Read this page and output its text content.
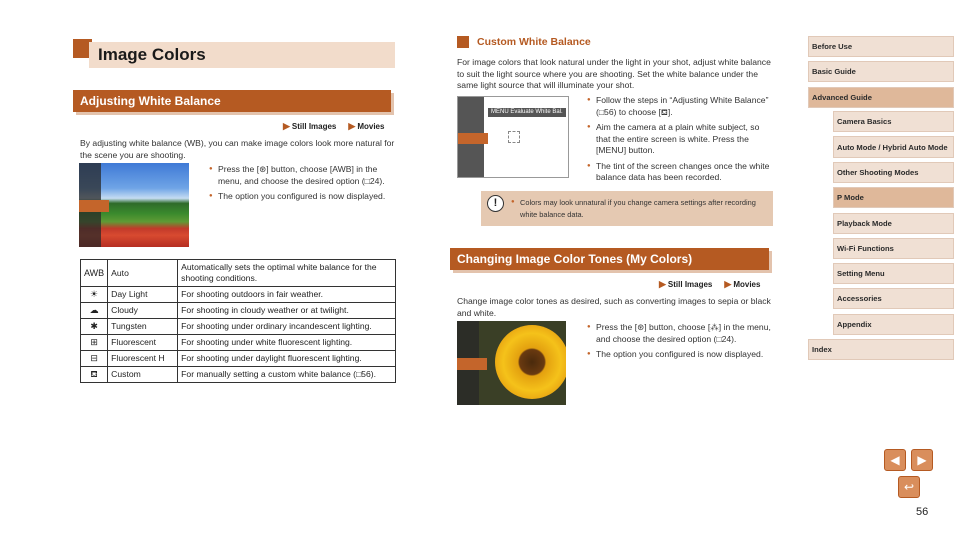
Image Colors
Adjusting White Balance
▶ Still Images ▶ Movies
By adjusting white balance (WB), you can make image colors look more natural for the scene you are shooting.
● Press the [⊛] button, choose [AWB] in the menu, and choose the desired option (□24).
● The option you configured is now displayed.
AWB	Auto	Automatically sets the optimal white balance for the shooting conditions.
☀	Day Light	For shooting outdoors in fair weather.
☁	Cloudy	For shooting in cloudy weather or at twilight.
✱	Tungsten	For shooting under ordinary incandescent lighting.
⊞	Fluorescent	For shooting under white fluorescent lighting.
⊟	Fluorescent H	For shooting under daylight fluorescent lighting.
⛾	Custom	For manually setting a custom white balance (□56).
Custom White Balance
For image colors that look natural under the light in your shot, adjust white balance to suit the light source where you are shooting. Set the white balance under the same light source that will illuminate your shot.
MENU Evaluate White Bal.
● Follow the steps in “Adjusting White Balance” (□56) to choose [⛾].
● Aim the camera at a plain white subject, so that the entire screen is white. Press the [MENU] button.
● The tint of the screen changes once the white balance data has been recorded.
!	● Colors may look unnatural if you change camera settings after recording white balance data.
Changing Image Color Tones (My Colors)
▶ Still Images ▶ Movies
Change image color tones as desired, such as converting images to sepia or black and white.
● Press the [⊛] button, choose [⁂] in the menu, and choose the desired option (□24).
● The option you configured is now displayed.
Before Use
Basic Guide
Advanced Guide
Camera Basics
Auto Mode / Hybrid Auto Mode
Other Shooting Modes
P Mode
Playback Mode
Wi-Fi Functions
Setting Menu
Accessories
Appendix
Index
◀	▶
↩
56
